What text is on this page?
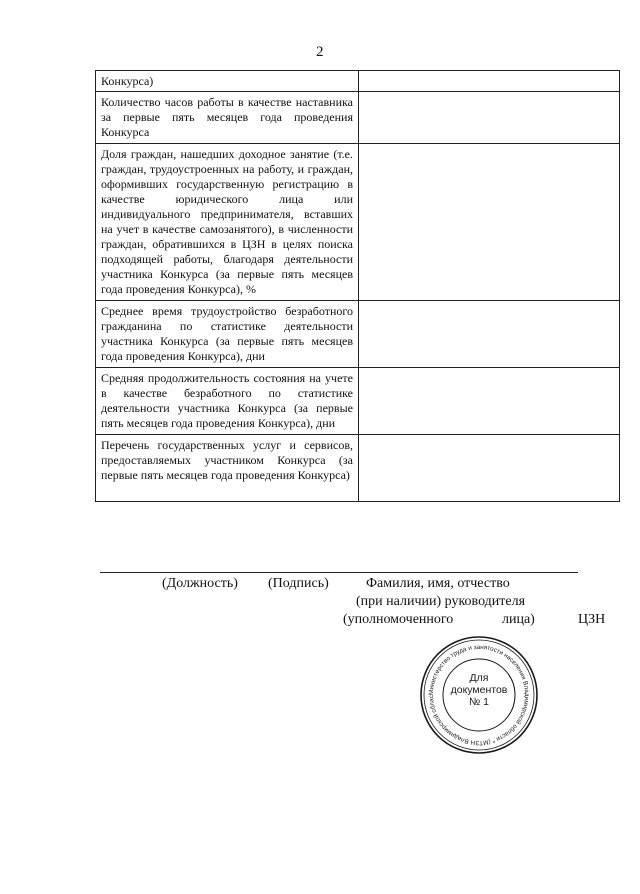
2
Конкурса)	
Количество часов работы в качестве наставника за первые пять месяцев года проведения Конкурса	
Доля граждан, нашедших доходное занятие (т.е. граждан, трудоустроенных на работу, и граждан, оформивших государственную регистрацию в качестве юридического лица или индивидуального предпринимателя, вставших на учет в качестве самозанятого), в численности граждан, обратившихся в ЦЗН в целях поиска подходящей работы, благодаря деятельности участника Конкурса (за первые пять месяцев года проведения Конкурса), %	
Среднее время трудоустройство безработного гражданина по статистике деятельности участника Конкурса (за первые пять месяцев года проведения Конкурса), дни	
Средняя продолжительность состояния на учете в качестве безработного по статистике деятельности участника Конкурса (за первые пять месяцев года проведения Конкурса), дни	
Перечень государственных услуг и сервисов, предоставляемых участником Конкурса (за первые пять месяцев года проведения Конкурса)	
(Должность) (Подпись)	Фамилия, имя, отчество
(при наличии) руководителя
(уполномоченного	лица)	ЦЗН
Министерство труда и занятости населения Владимирской области * (МТЗН Владимирской облас
Для
документов
№ 1
